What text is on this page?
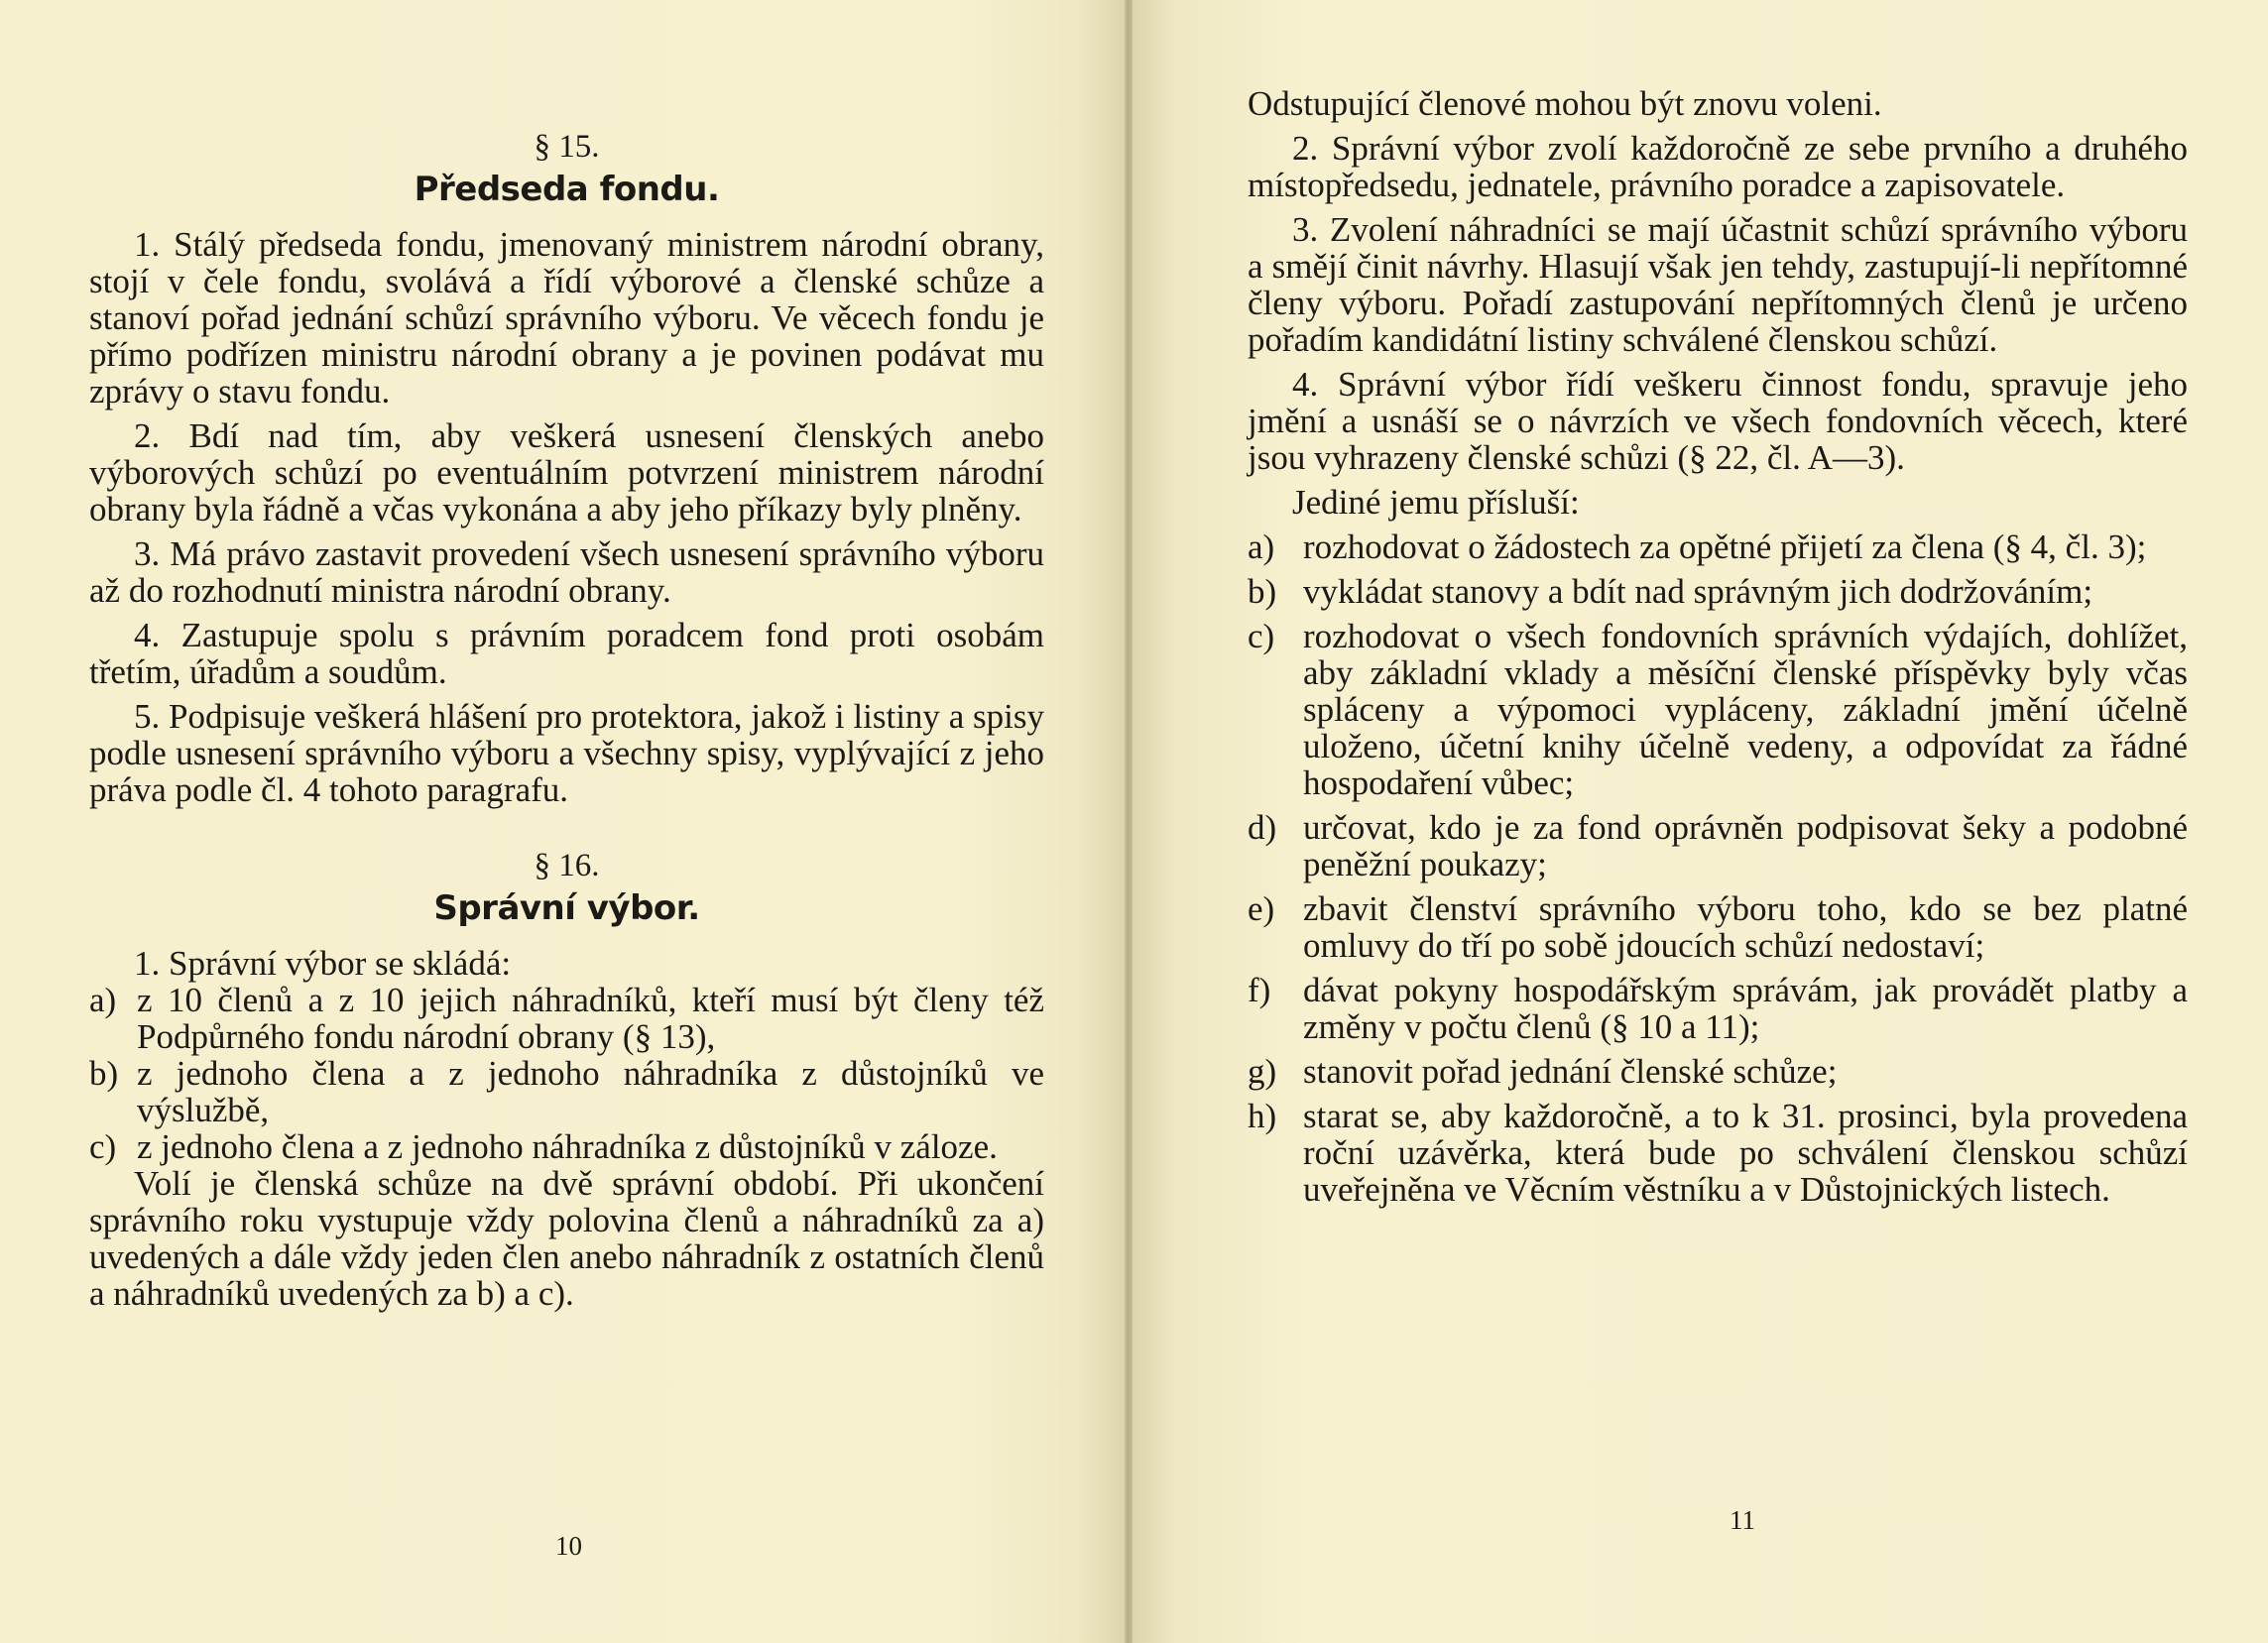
§ 15.
Předseda fondu.

1. Stálý předseda fondu, jmenovaný ministrem národní obrany, stojí v čele fondu, svolává a řídí výborové a členské schůze a stanoví pořad jednání schůzí správního výboru. Ve věcech fondu je přímo podřízen ministru národní obrany a je povinen podávat mu zprávy o stavu fondu.

2. Bdí nad tím, aby veškerá usnesení členských anebo výborových schůzí po eventuálním potvrzení ministrem národní obrany byla řádně a včas vykonána a aby jeho příkazy byly plněny.

3. Má právo zastavit provedení všech usnesení správního výboru až do rozhodnutí ministra národní obrany.

4. Zastupuje spolu s právním poradcem fond proti osobám třetím, úřadům a soudům.

5. Podpisuje veškerá hlášení pro protektora, jakož i listiny a spisy podle usnesení správního výboru a všechny spisy, vyplývající z jeho práva podle čl. 4 tohoto paragrafu.

§ 16.
Správní výbor.

1. Správní výbor se skládá:

a) z 10 členů a z 10 jejich náhradníků, kteří musí být členy též Podpůrného fondu národní obrany (§ 13),
b) z jednoho člena a z jednoho náhradníka z důstojníků ve výslužbě,
c) z jednoho člena a z jednoho náhradníka z důstojníků v záloze.

Volí je členská schůze na dvě správní období. Při ukončení správního roku vystupuje vždy polovina členů a náhradníků za a) uvedených a dále vždy jeden člen anebo náhradník z ostatních členů a náhradníků uvedených za b) a c).

10

Odstupující členové mohou být znovu voleni.

2. Správní výbor zvolí každoročně ze sebe prvního a druhého místopředsedu, jednatele, právního poradce a zapisovatele.

3. Zvolení náhradníci se mají účastnit schůzí správního výboru a smějí činit návrhy. Hlasují však jen tehdy, zastupují-li nepřítomné členy výboru. Pořadí zastupování nepřítomných členů je určeno pořadím kandidátní listiny schválené členskou schůzí.

4. Správní výbor řídí veškeru činnost fondu, spravuje jeho jmění a usnáší se o návrzích ve všech fondovních věcech, které jsou vyhrazeny členské schůzi (§ 22, čl. A—3).

Jediné jemu přísluší:

a) rozhodovat o žádostech za opětné přijetí za člena (§ 4, čl. 3);
b) vykládat stanovy a bdít nad správným jich dodržováním;
c) rozhodovat o všech fondovních správních výdajích, dohlížet, aby základní vklady a měsíční členské příspěvky byly včas spláceny a výpomoci vypláceny, základní jmění účelně uloženo, účetní knihy účelně vedeny, a odpovídat za řádné hospodaření vůbec;
d) určovat, kdo je za fond oprávněn podpisovat šeky a podobné peněžní poukazy;
e) zbavit členství správního výboru toho, kdo se bez platné omluvy do tří po sobě jdoucích schůzí nedostaví;
f) dávat pokyny hospodářským správám, jak provádět platby a změny v počtu členů (§ 10 a 11);
g) stanovit pořad jednání členské schůze;
h) starat se, aby každoročně, a to k 31. prosinci, byla provedena roční uzávěrka, která bude po schválení členskou schůzí uveřejněna ve Věcním věstníku a v Důstojnických listech.
11
